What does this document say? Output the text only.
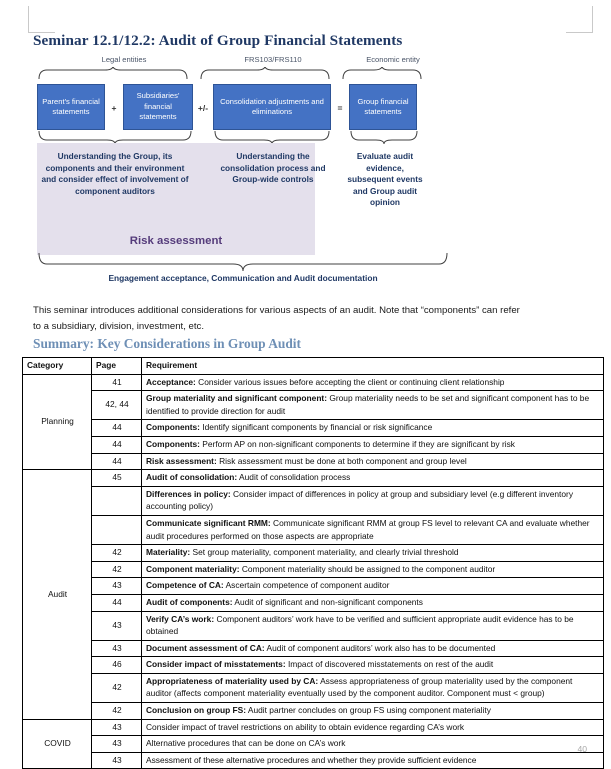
Seminar 12.1/12.2: Audit of Group Financial Statements
Legal entities	FRS103/FRS110	Economic entity
Parent's financial statements	+
Subsidiaries' financial statements
+/-
Consolidation adjustments and eliminations	=
Group financial statements
Understanding the Group, its components and their environment and consider effect of involvement of component auditors
Understanding the consolidation process and Group-wide controls
Evaluate audit evidence, subsequent events and Group audit opinion
Risk assessment
Engagement acceptance, Communication and Audit documentation
This seminar introduces additional considerations for various aspects of an audit. Note that “components” can refer to a subsidiary, division, investment, etc.
Summary: Key Considerations in Group Audit
Category	Page	Requirement
Planning	41	Acceptance: Consider various issues before accepting the client or continuing client relationship
	42, 44	Group materiality and significant component: Group materiality needs to be set and significant component has to be identified to provide direction for audit
	44	Components: Identify significant components by financial or risk significance
	44	Components: Perform AP on non-significant components to determine if they are significant by risk
	44	Risk assessment: Risk assessment must be done at both component and group level
Audit	45	Audit of consolidation: Audit of consolidation process
		Differences in policy: Consider impact of differences in policy at group and subsidiary level (e.g different inventory accounting policy)
		Communicate significant RMM: Communicate significant RMM at group FS level to relevant CA and evaluate whether audit procedures performed on those aspects are appropriate
	42	Materiality: Set group materiality, component materiality, and clearly trivial threshold
	42	Component materiality: Component materiality should be assigned to the component auditor
	43	Competence of CA: Ascertain competence of component auditor
	44	Audit of components: Audit of significant and non-significant components
	43	Verify CA’s work: Component auditors’ work have to be verified and sufficient appropriate audit evidence has to be obtained
	43	Document assessment of CA: Audit of component auditors’ work also has to be documented
	46	Consider impact of misstatements: Impact of discovered misstatements on rest of the audit
	42	Appropriateness of materiality used by CA: Assess appropriateness of group materiality used by the component auditor (affects component materiality eventually used by the component auditor. Component must < group)
	42	Conclusion on group FS: Audit partner concludes on group FS using component materiality
COVID	43	Consider impact of travel restrictions on ability to obtain evidence regarding CA’s work
	43	Alternative procedures that can be done on CA’s work
	43	Assessment of these alternative procedures and whether they provide sufficient evidence
40
